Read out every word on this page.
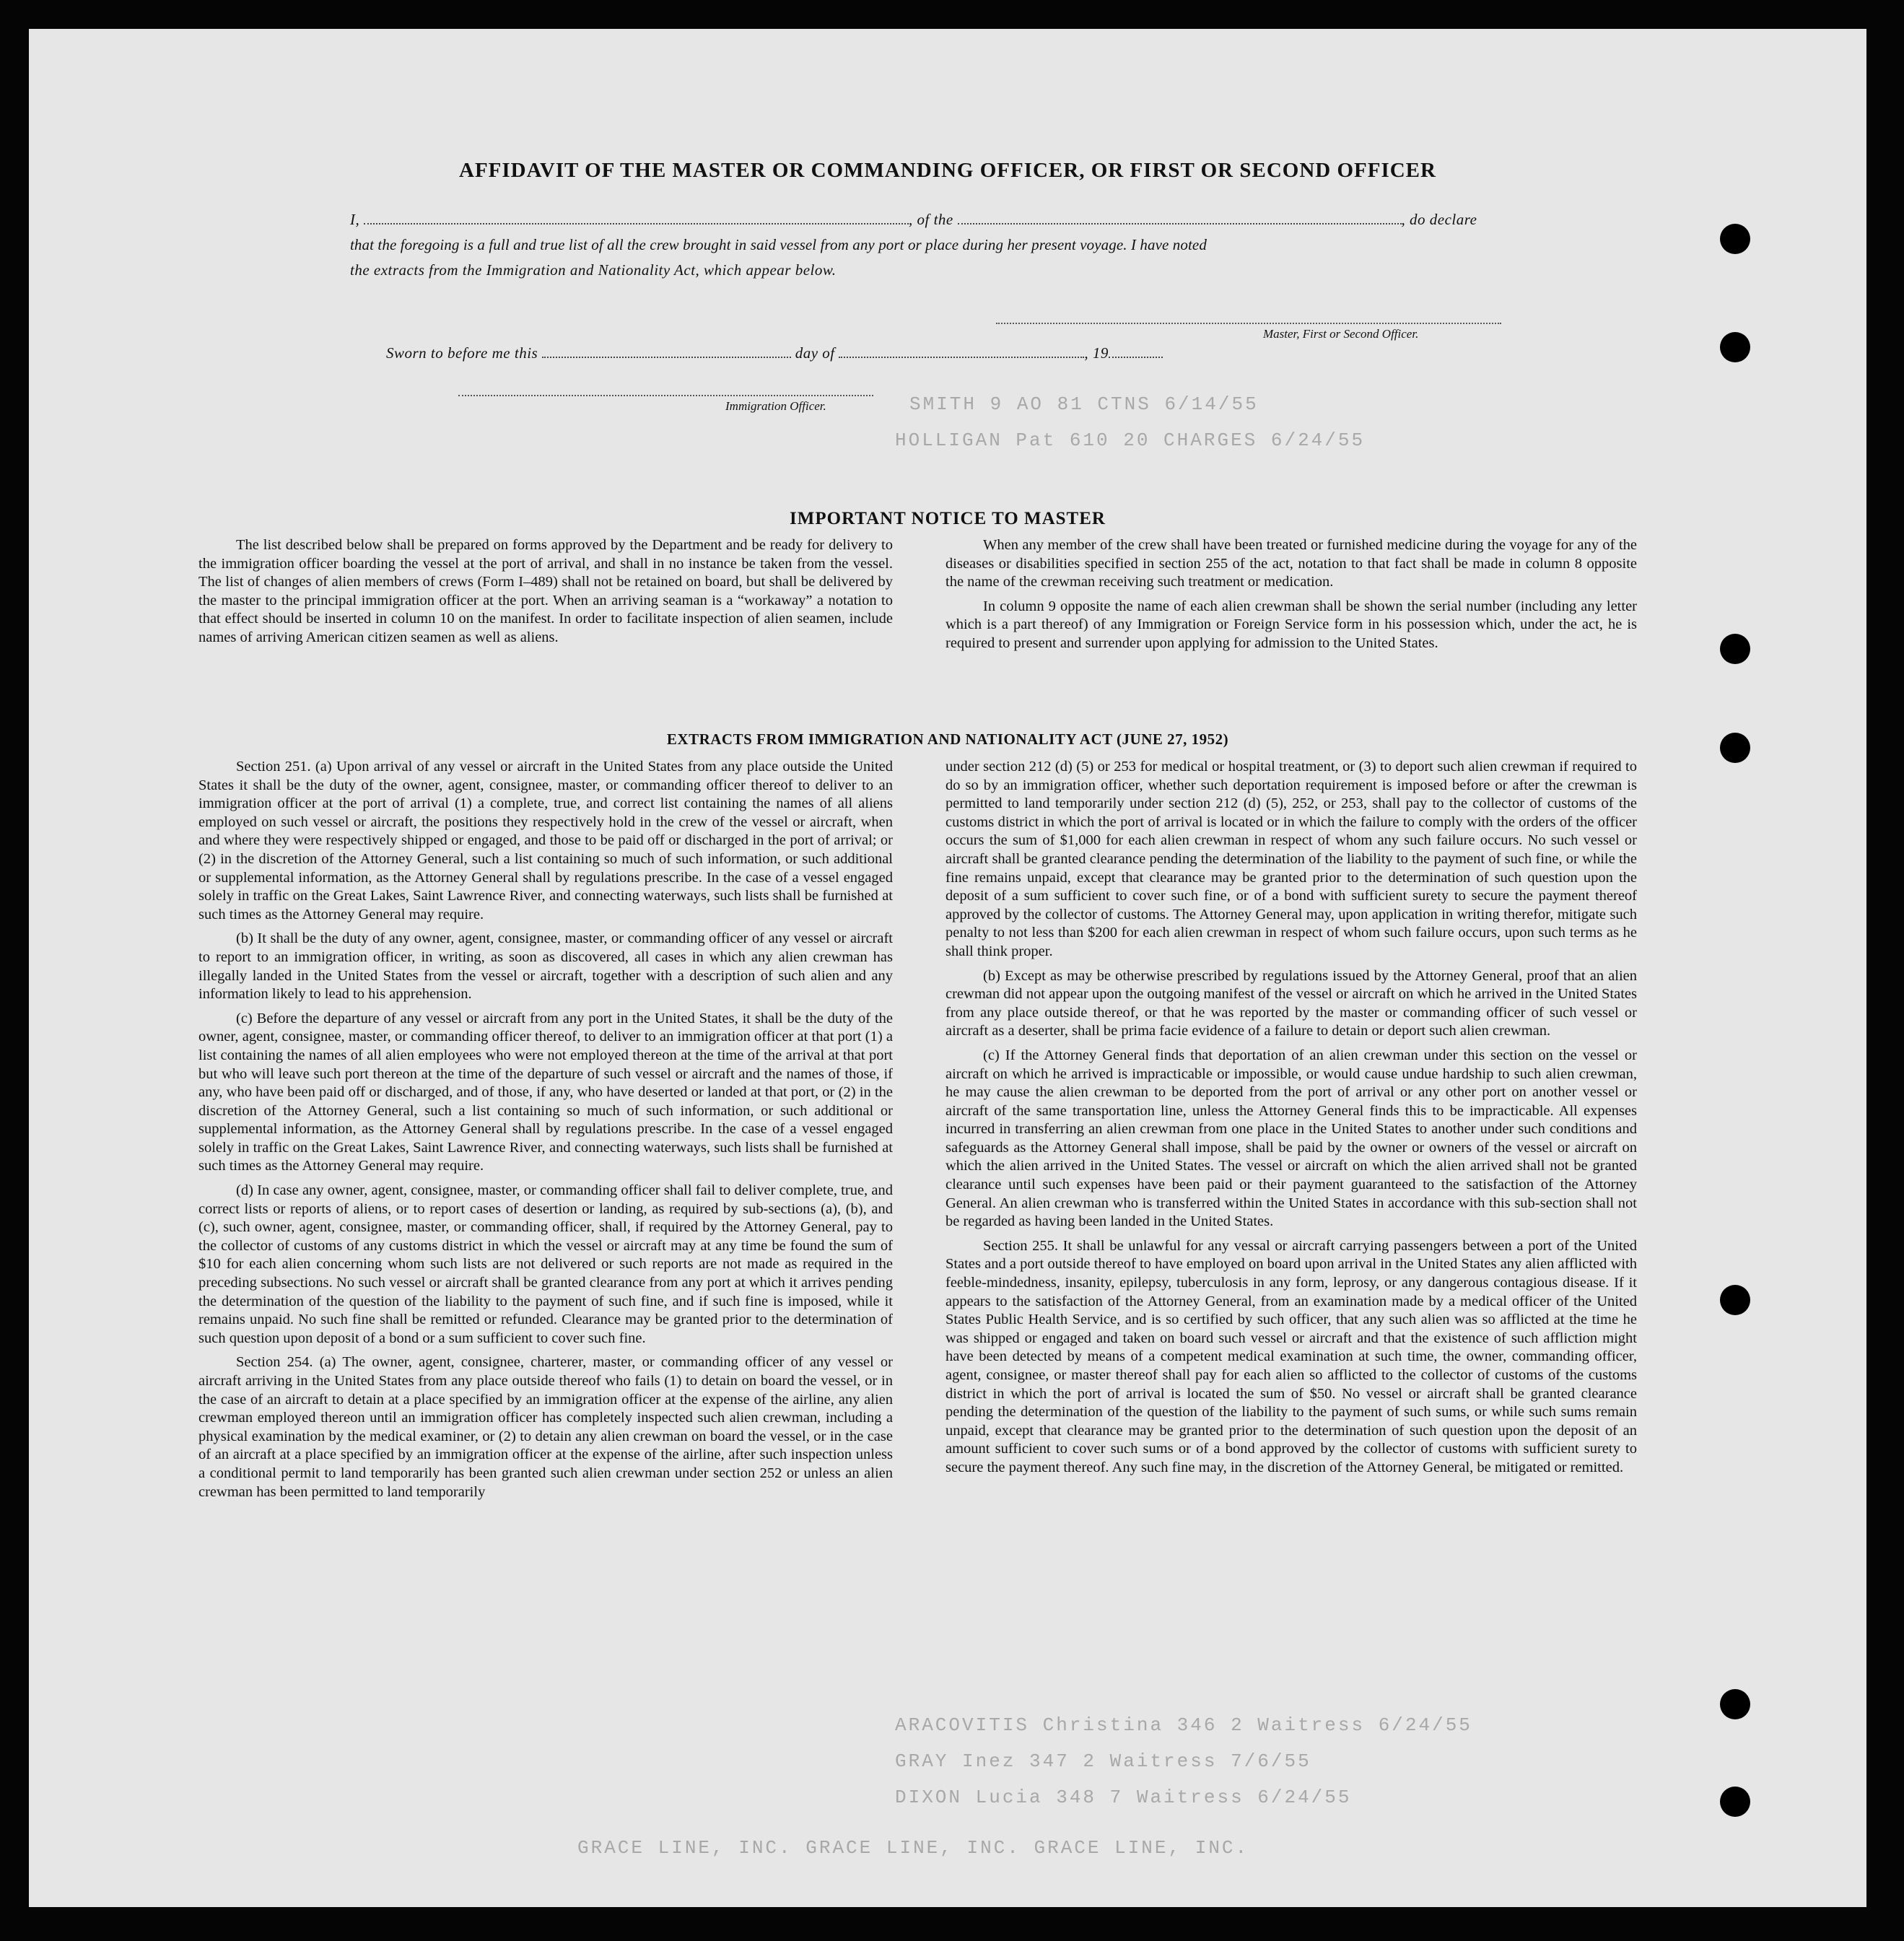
SMITH 9 AO 81 CTNS 6/14/55
HOLLIGAN Pat 610 20 CHARGES 6/24/55
ARACOVITIS Christina 346 2 Waitress 6/24/55
GRAY Inez 347 2 Waitress 7/6/55
DIXON Lucia 348 7 Waitress 6/24/55
GRACE LINE, INC. GRACE LINE, INC. GRACE LINE, INC.
AFFIDAVIT OF THE MASTER OR COMMANDING OFFICER, OR FIRST OR SECOND OFFICER
I,	, of the	, do declare
that the foregoing is a full and true list of all the crew brought in said vessel from any port or place during her present voyage. I have noted
the extracts from the Immigration and Nationality Act, which appear below.
Master, First or Second Officer.
Sworn to before me this	day of	, 19
Immigration Officer.
IMPORTANT NOTICE TO MASTER

The list described below shall be prepared on forms approved by the Department and be ready for delivery to the immigration officer boarding the vessel at the port of arrival, and shall in no instance be taken from the vessel. The list of changes of alien members of crews (Form I–489) shall not be retained on board, but shall be delivered by the master to the principal immigration officer at the port. When an arriving seaman is a “workaway” a notation to that effect should be inserted in column 10 on the manifest. In order to facilitate inspection of alien seamen, include names of arriving American citizen seamen as well as aliens.

When any member of the crew shall have been treated or furnished medicine during the voyage for any of the diseases or disabilities specified in section 255 of the act, notation to that fact shall be made in column 8 opposite the name of the crewman receiving such treatment or medication.

In column 9 opposite the name of each alien crewman shall be shown the serial number (including any letter which is a part thereof) of any Immigration or Foreign Service form in his possession which, under the act, he is required to present and surrender upon applying for admission to the United States.

EXTRACTS FROM IMMIGRATION AND NATIONALITY ACT (JUNE 27, 1952)

Section 251. (a) Upon arrival of any vessel or aircraft in the United States from any place outside the United States it shall be the duty of the owner, agent, consignee, master, or commanding officer thereof to deliver to an immigration officer at the port of arrival (1) a complete, true, and correct list containing the names of all aliens employed on such vessel or aircraft, the positions they respectively hold in the crew of the vessel or aircraft, when and where they were respectively shipped or engaged, and those to be paid off or discharged in the port of arrival; or (2) in the discretion of the Attorney General, such a list containing so much of such information, or such additional or supplemental information, as the Attorney General shall by regulations prescribe. In the case of a vessel engaged solely in traffic on the Great Lakes, Saint Lawrence River, and connecting waterways, such lists shall be furnished at such times as the Attorney General may require.

(b) It shall be the duty of any owner, agent, consignee, master, or commanding officer of any vessel or aircraft to report to an immigration officer, in writing, as soon as discovered, all cases in which any alien crewman has illegally landed in the United States from the vessel or aircraft, together with a description of such alien and any information likely to lead to his apprehension.

(c) Before the departure of any vessel or aircraft from any port in the United States, it shall be the duty of the owner, agent, consignee, master, or commanding officer thereof, to deliver to an immigration officer at that port (1) a list containing the names of all alien employees who were not employed thereon at the time of the arrival at that port but who will leave such port thereon at the time of the departure of such vessel or aircraft and the names of those, if any, who have been paid off or discharged, and of those, if any, who have deserted or landed at that port, or (2) in the discretion of the Attorney General, such a list containing so much of such information, or such additional or supplemental information, as the Attorney General shall by regulations prescribe. In the case of a vessel engaged solely in traffic on the Great Lakes, Saint Lawrence River, and connecting waterways, such lists shall be furnished at such times as the Attorney General may require.

(d) In case any owner, agent, consignee, master, or commanding officer shall fail to deliver complete, true, and correct lists or reports of aliens, or to report cases of desertion or landing, as required by sub-sections (a), (b), and (c), such owner, agent, consignee, master, or commanding officer, shall, if required by the Attorney General, pay to the collector of customs of any customs district in which the vessel or aircraft may at any time be found the sum of $10 for each alien concerning whom such lists are not delivered or such reports are not made as required in the preceding subsections. No such vessel or aircraft shall be granted clearance from any port at which it arrives pending the determination of the question of the liability to the payment of such fine, and if such fine is imposed, while it remains unpaid. No such fine shall be remitted or refunded. Clearance may be granted prior to the determination of such question upon deposit of a bond or a sum sufficient to cover such fine.

Section 254. (a) The owner, agent, consignee, charterer, master, or commanding officer of any vessel or aircraft arriving in the United States from any place outside thereof who fails (1) to detain on board the vessel, or in the case of an aircraft to detain at a place specified by an immigration officer at the expense of the airline, any alien crewman employed thereon until an immigration officer has completely inspected such alien crewman, including a physical examination by the medical examiner, or (2) to detain any alien crewman on board the vessel, or in the case of an aircraft at a place specified by an immigration officer at the expense of the airline, after such inspection unless a conditional permit to land temporarily has been granted such alien crewman under section 252 or unless an alien crewman has been permitted to land temporarily

under section 212 (d) (5) or 253 for medical or hospital treatment, or (3) to deport such alien crewman if required to do so by an immigration officer, whether such deportation requirement is imposed before or after the crewman is permitted to land temporarily under section 212 (d) (5), 252, or 253, shall pay to the collector of customs of the customs district in which the port of arrival is located or in which the failure to comply with the orders of the officer occurs the sum of $1,000 for each alien crewman in respect of whom any such failure occurs. No such vessel or aircraft shall be granted clearance pending the determination of the liability to the payment of such fine, or while the fine remains unpaid, except that clearance may be granted prior to the determination of such question upon the deposit of a sum sufficient to cover such fine, or of a bond with sufficient surety to secure the payment thereof approved by the collector of customs. The Attorney General may, upon application in writing therefor, mitigate such penalty to not less than $200 for each alien crewman in respect of whom such failure occurs, upon such terms as he shall think proper.

(b) Except as may be otherwise prescribed by regulations issued by the Attorney General, proof that an alien crewman did not appear upon the outgoing manifest of the vessel or aircraft on which he arrived in the United States from any place outside thereof, or that he was reported by the master or commanding officer of such vessel or aircraft as a deserter, shall be prima facie evidence of a failure to detain or deport such alien crewman.

(c) If the Attorney General finds that deportation of an alien crewman under this section on the vessel or aircraft on which he arrived is impracticable or impossible, or would cause undue hardship to such alien crewman, he may cause the alien crewman to be deported from the port of arrival or any other port on another vessel or aircraft of the same transportation line, unless the Attorney General finds this to be impracticable. All expenses incurred in transferring an alien crewman from one place in the United States to another under such conditions and safeguards as the Attorney General shall impose, shall be paid by the owner or owners of the vessel or aircraft on which the alien arrived in the United States. The vessel or aircraft on which the alien arrived shall not be granted clearance until such expenses have been paid or their payment guaranteed to the satisfaction of the Attorney General. An alien crewman who is transferred within the United States in accordance with this sub-section shall not be regarded as having been landed in the United States.

Section 255. It shall be unlawful for any vessal or aircraft carrying passengers between a port of the United States and a port outside thereof to have employed on board upon arrival in the United States any alien afflicted with feeble-mindedness, insanity, epilepsy, tuberculosis in any form, leprosy, or any dangerous contagious disease. If it appears to the satisfaction of the Attorney General, from an examination made by a medical officer of the United States Public Health Service, and is so certified by such officer, that any such alien was so afflicted at the time he was shipped or engaged and taken on board such vessel or aircraft and that the existence of such affliction might have been detected by means of a competent medical examination at such time, the owner, commanding officer, agent, consignee, or master thereof shall pay for each alien so afflicted to the collector of customs of the customs district in which the port of arrival is located the sum of $50. No vessel or aircraft shall be granted clearance pending the determination of the question of the liability to the payment of such sums, or while such sums remain unpaid, except that clearance may be granted prior to the determination of such question upon the deposit of an amount sufficient to cover such sums or of a bond approved by the collector of customs with sufficient surety to secure the payment thereof. Any such fine may, in the discretion of the Attorney General, be mitigated or remitted.
